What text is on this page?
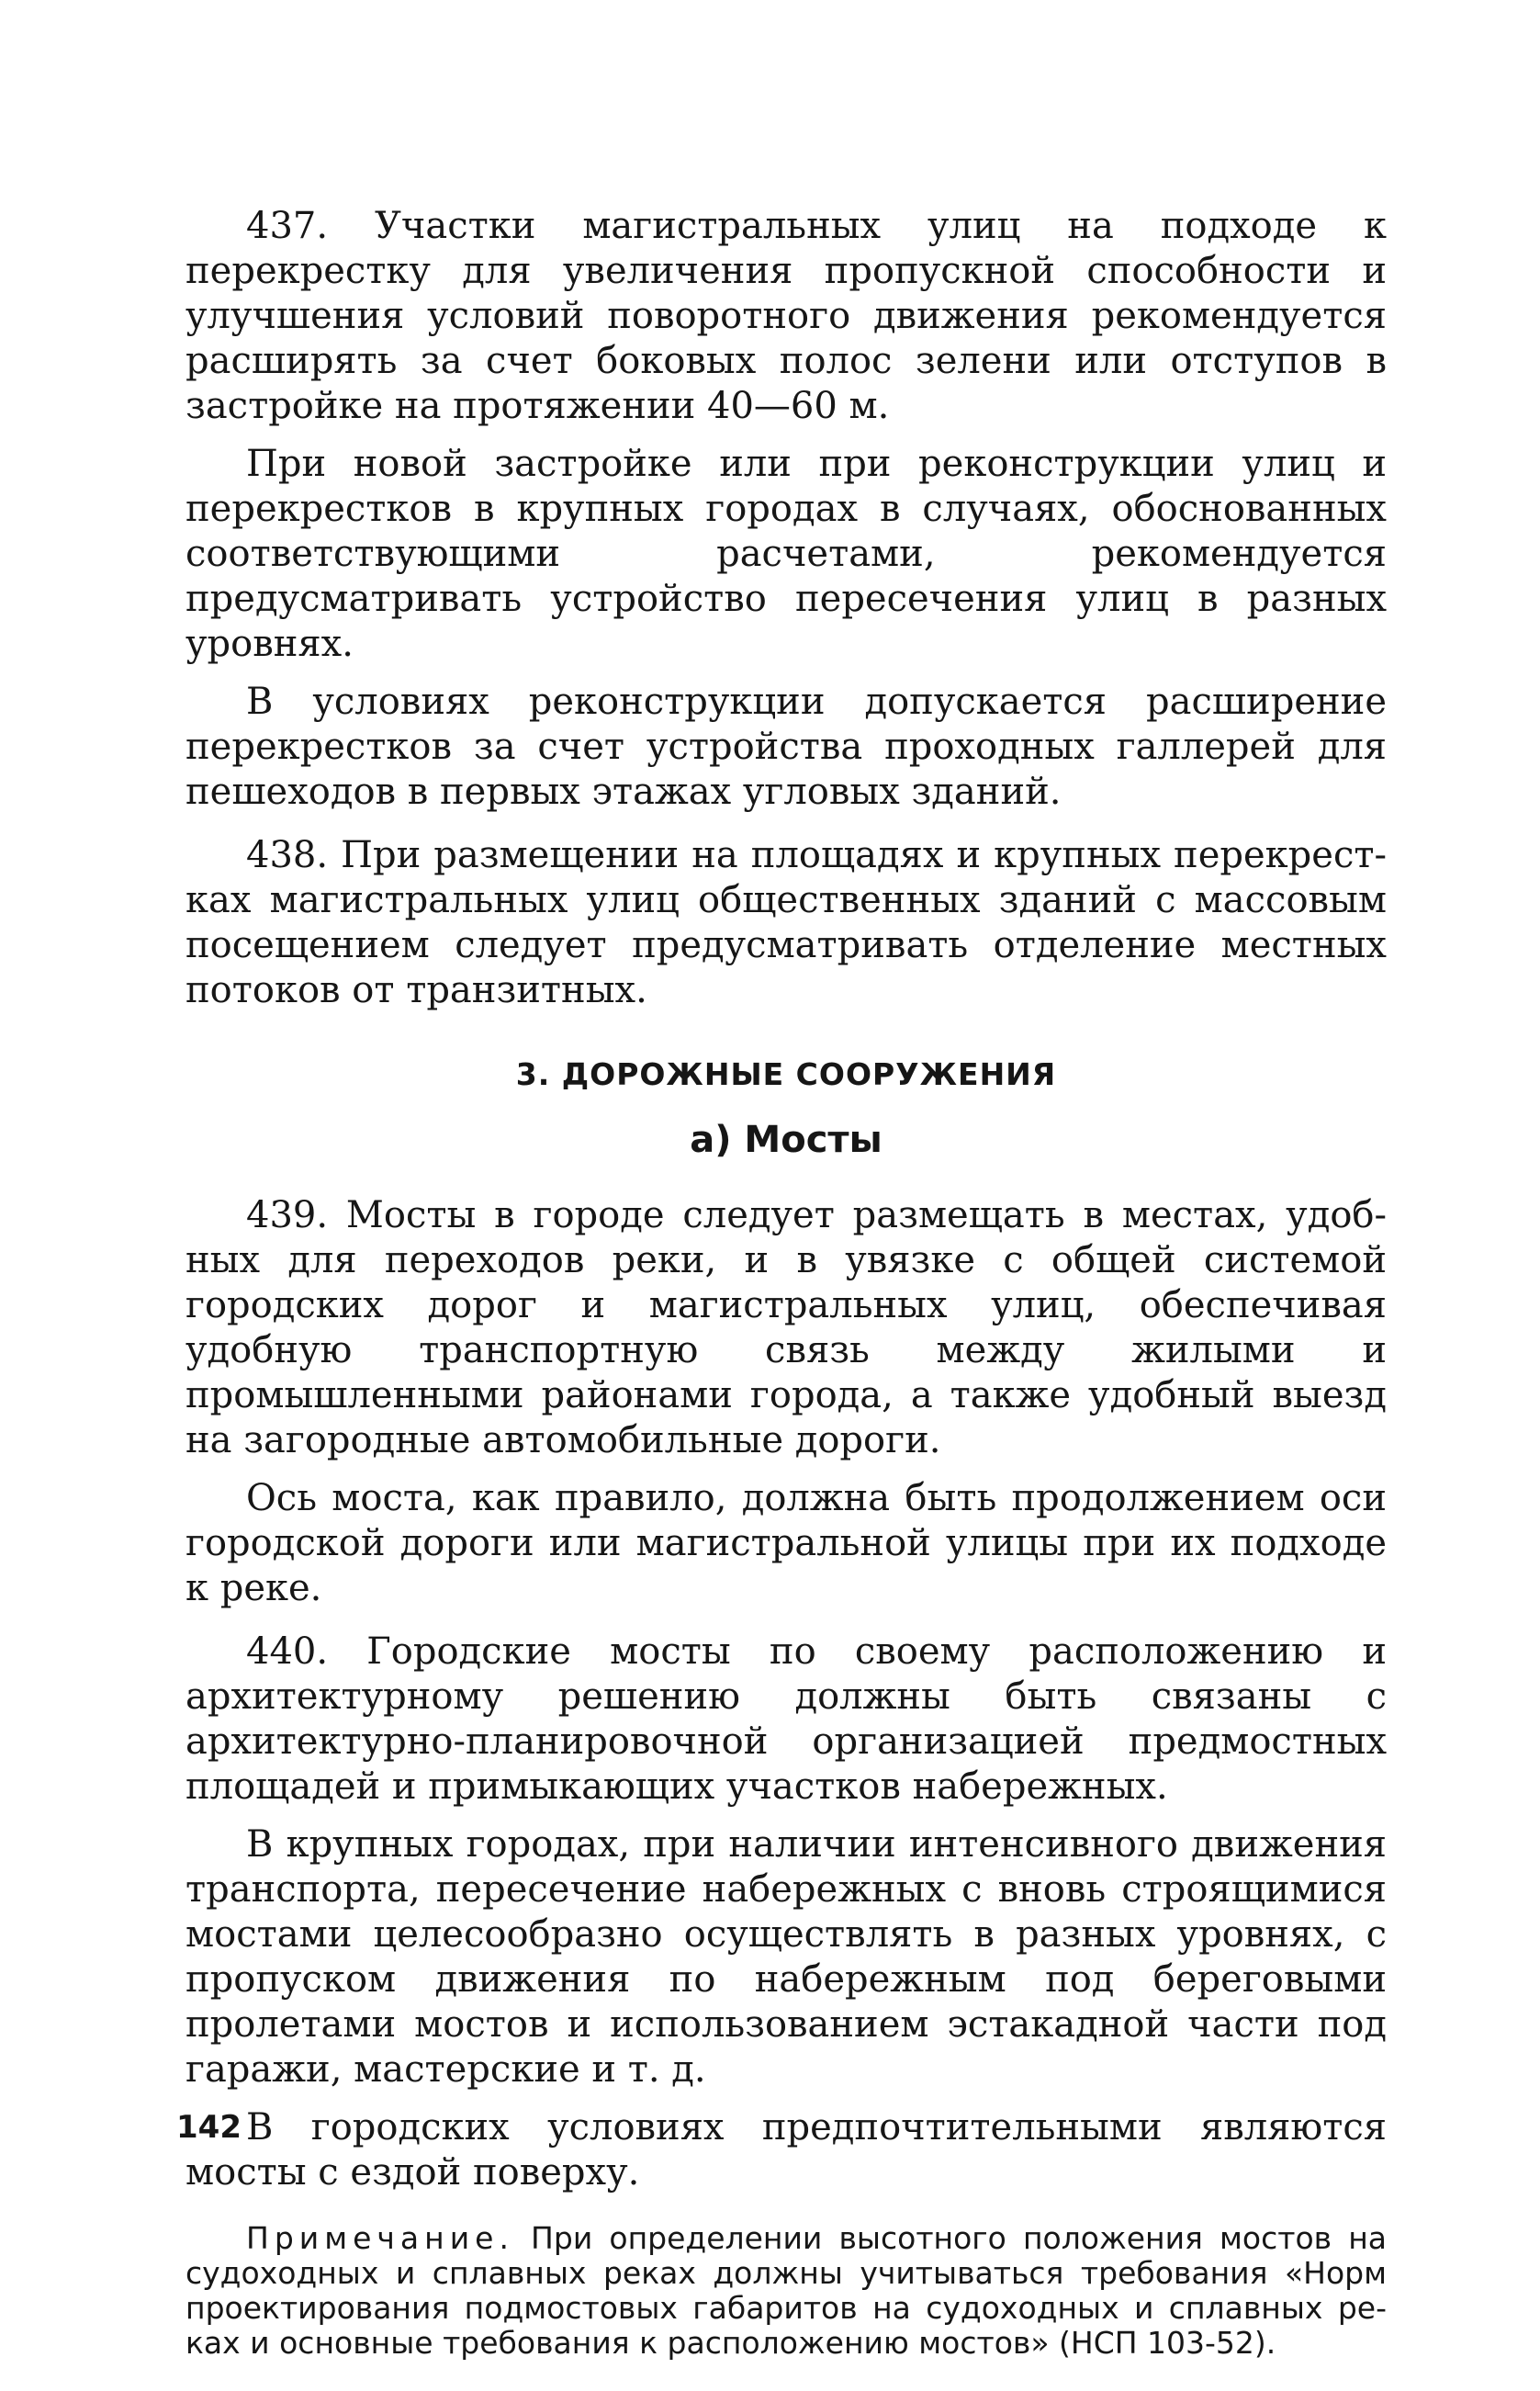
437. Участки магистральных улиц на подходе к перекрестку для увеличения пропускной способности и улучшения условий поворотного движения рекомендуется расширять за счет боковых полос зелени или отступов в застройке на протяжении 40—60 м.

При новой застройке или при реконструкции улиц и перекрестков в крупных городах в случаях, обоснованных соответствующими расчетами, рекомендуется предусматривать устройство пересечения улиц в разных уровнях.

В условиях реконструкции допускается расширение перекрестков за счет устройства проходных галлерей для пешеходов в первых этажах угловых зданий.

438. При размещении на площадях и крупных перекрестках магистральных улиц общественных зданий с массовым посещением следует предусматривать отделение местных потоков от транзитных.

3. ДОРОЖНЫЕ СООРУЖЕНИЯ
а) Мосты

439. Мосты в городе следует размещать в местах, удобных для переходов реки, и в увязке с общей системой городских дорог и магистральных улиц, обеспечивая удобную транспортную связь между жилыми и промышленными районами города, а также удобный выезд на загородные автомобильные дороги.

Ось моста, как правило, должна быть продолжением оси городской дороги или магистральной улицы при их подходе к реке.

440. Городские мосты по своему расположению и архитектурному решению должны быть связаны с архитектурно-планировочной организацией предмостных площадей и примыкающих участков набережных.

В крупных городах, при наличии интенсивного движения транспорта, пересечение набережных с вновь строящимися мостами целесообразно осуществлять в разных уровнях, с пропуском движения по набережным под береговыми пролетами мостов и использованием эстакадной части под гаражи, мастерские и т. д.

В городских условиях предпочтительными являются мосты с ездой поверху.

Примечание. При определении высотного положения мостов на судоходных и сплавных реках должны учитываться требования «Норм проектирования подмостовых габаритов на судоходных и сплавных реках и основные требования к расположению мостов» (НСП 103-52).

142
